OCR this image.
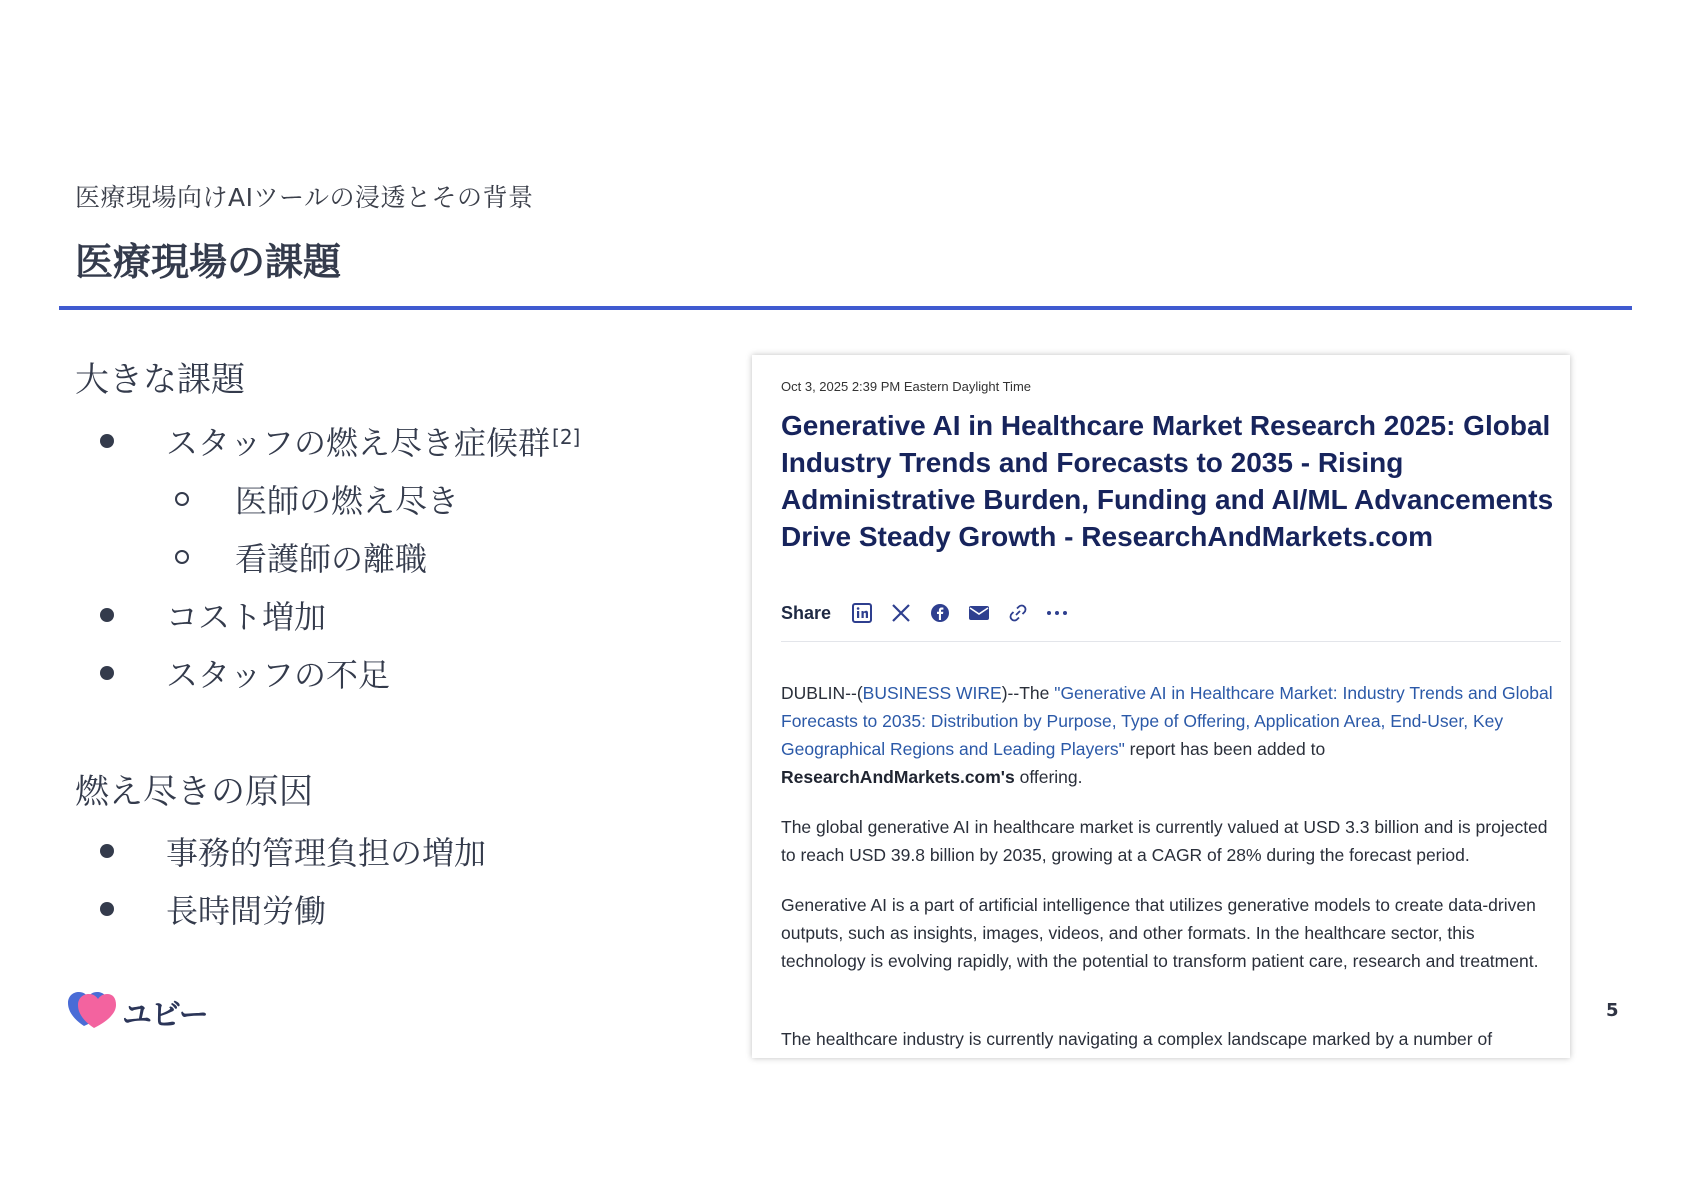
医療現場向けAIツールの浸透とその背景
医療現場の課題
大きな課題
スタッフの燃え尽き症候群 [2]
医師の燃え尽き
看護師の離職
コスト増加
スタッフの不足
燃え尽きの原因
事務的管理負担の増加
長時間労働
ユビー	5
Oct 3, 2025 2:39 PM Eastern Daylight Time
Generative AI in Healthcare Market Research 2025: Global Industry Trends and Forecasts to 2035 - Rising Administrative Burden, Funding and AI/ML Advancements Drive Steady Growth - ResearchAndMarkets.com
Share
DUBLIN--(BUSINESS WIRE)--The "Generative AI in Healthcare Market: Industry Trends and Global Forecasts to 2035: Distribution by Purpose, Type of Offering, Application Area, End-User, Key Geographical Regions and Leading Players" report has been added to ResearchAndMarkets.com's offering.
The global generative AI in healthcare market is currently valued at USD 3.3 billion and is projected to reach USD 39.8 billion by 2035, growing at a CAGR of 28% during the forecast period.
Generative AI is a part of artificial intelligence that utilizes generative models to create data-driven outputs, such as insights, images, videos, and other formats. In the healthcare sector, this technology is evolving rapidly, with the potential to transform patient care, research and treatment.
The healthcare industry is currently navigating a complex landscape marked by a number of
